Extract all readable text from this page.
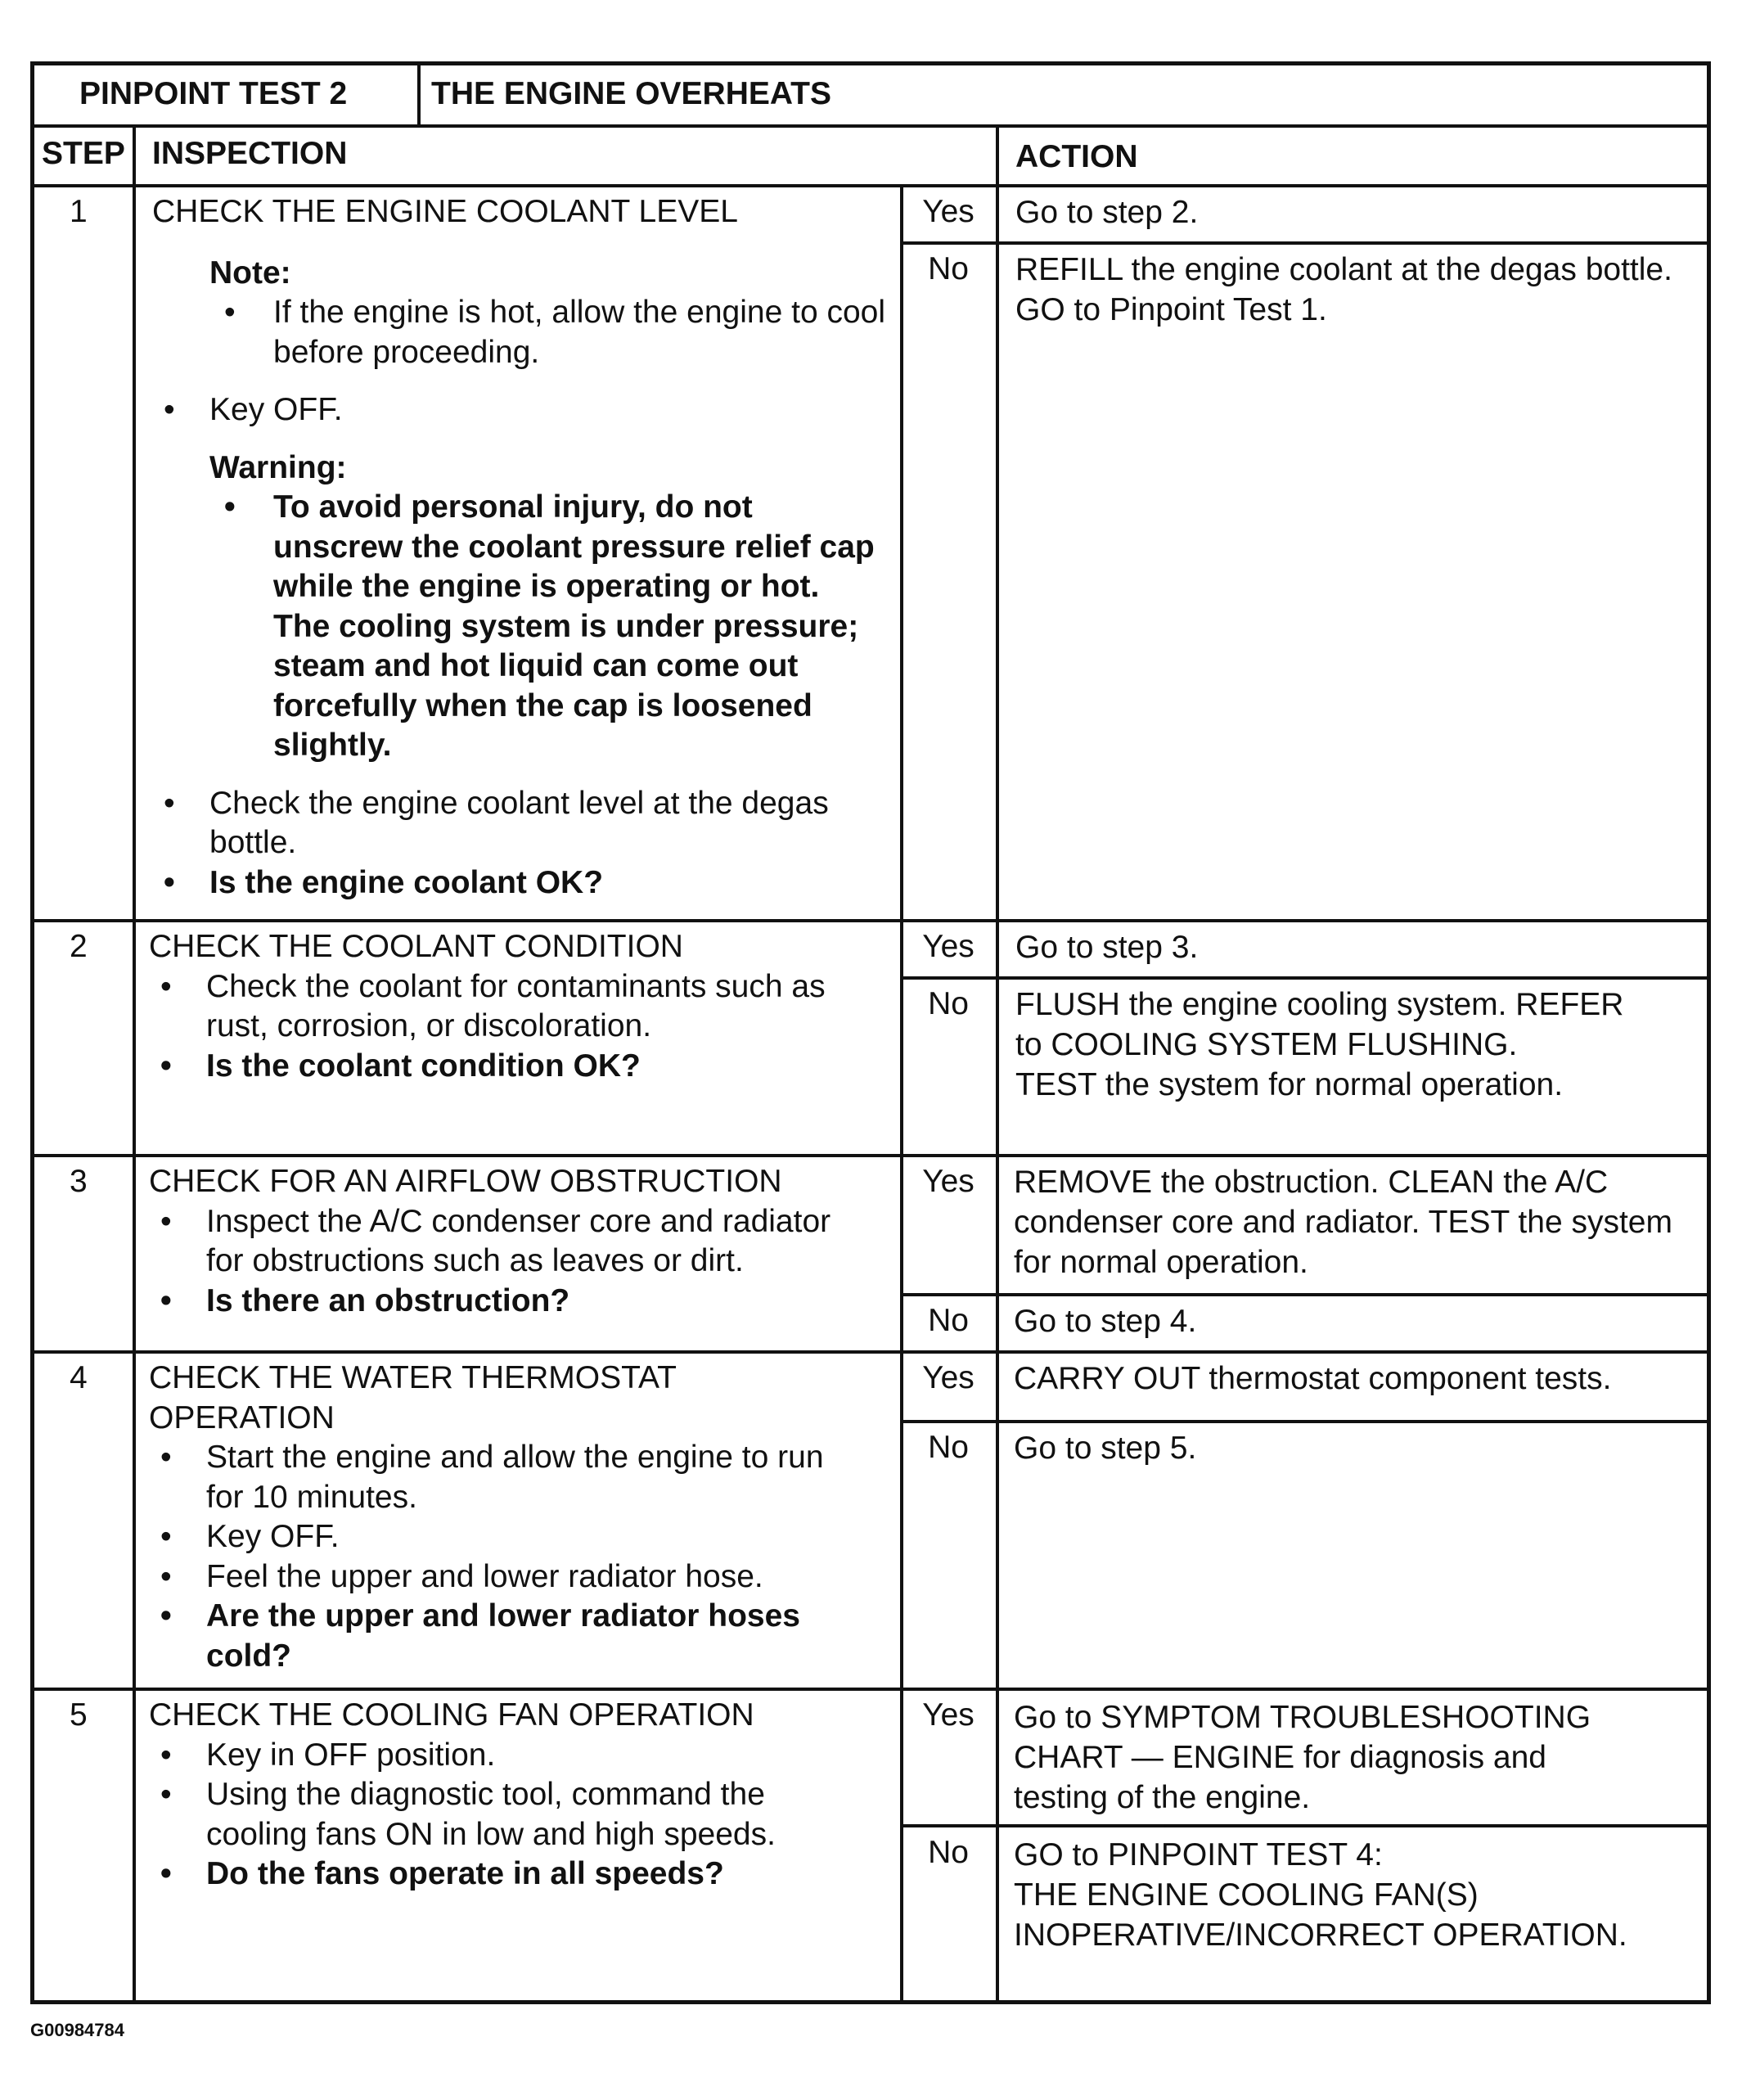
PINPOINT TEST 2	THE ENGINE OVERHEATS
STEP INSPECTION	ACTION
1 CHECK THE ENGINE COOLANT LEVEL
Note:
• If the engine is hot, allow the engine to cool
before proceeding.
• Key OFF.
Warning:
• To avoid personal injury, do not
unscrew the coolant pressure relief cap
while the engine is operating or hot.
The cooling system is under pressure;
steam and hot liquid can come out
forcefully when the cap is loosened
slightly.
• Check the engine coolant level at the degas
bottle.
• Is the engine coolant OK?
Yes	Go to step 2.
No	REFILL the engine coolant at the degas bottle.
GO to Pinpoint Test 1.
2 CHECK THE COOLANT CONDITION
• Check the coolant for contaminants such as
rust, corrosion, or discoloration.
• Is the coolant condition OK?
Yes	Go to step 3.
No	FLUSH the engine cooling system. REFER
to COOLING SYSTEM FLUSHING.
TEST the system for normal operation.
3 CHECK FOR AN AIRFLOW OBSTRUCTION
• Inspect the A/C condenser core and radiator
for obstructions such as leaves or dirt.
• Is there an obstruction?
Yes	REMOVE the obstruction. CLEAN the A/C
condenser core and radiator. TEST the system
for normal operation.
No	Go to step 4.
4 CHECK THE WATER THERMOSTAT
OPERATION
• Start the engine and allow the engine to run
for 10 minutes.
• Key OFF.
• Feel the upper and lower radiator hose.
• Are the upper and lower radiator hoses
cold?
Yes	CARRY OUT thermostat component tests.
No	Go to step 5.
5 CHECK THE COOLING FAN OPERATION
• Key in OFF position.
• Using the diagnostic tool, command the
cooling fans ON in low and high speeds.
• Do the fans operate in all speeds?
Yes	Go to SYMPTOM TROUBLESHOOTING
CHART — ENGINE for diagnosis and
testing of the engine.
No	GO to PINPOINT TEST 4:
THE ENGINE COOLING FAN(S)
INOPERATIVE/INCORRECT OPERATION.
G00984784
